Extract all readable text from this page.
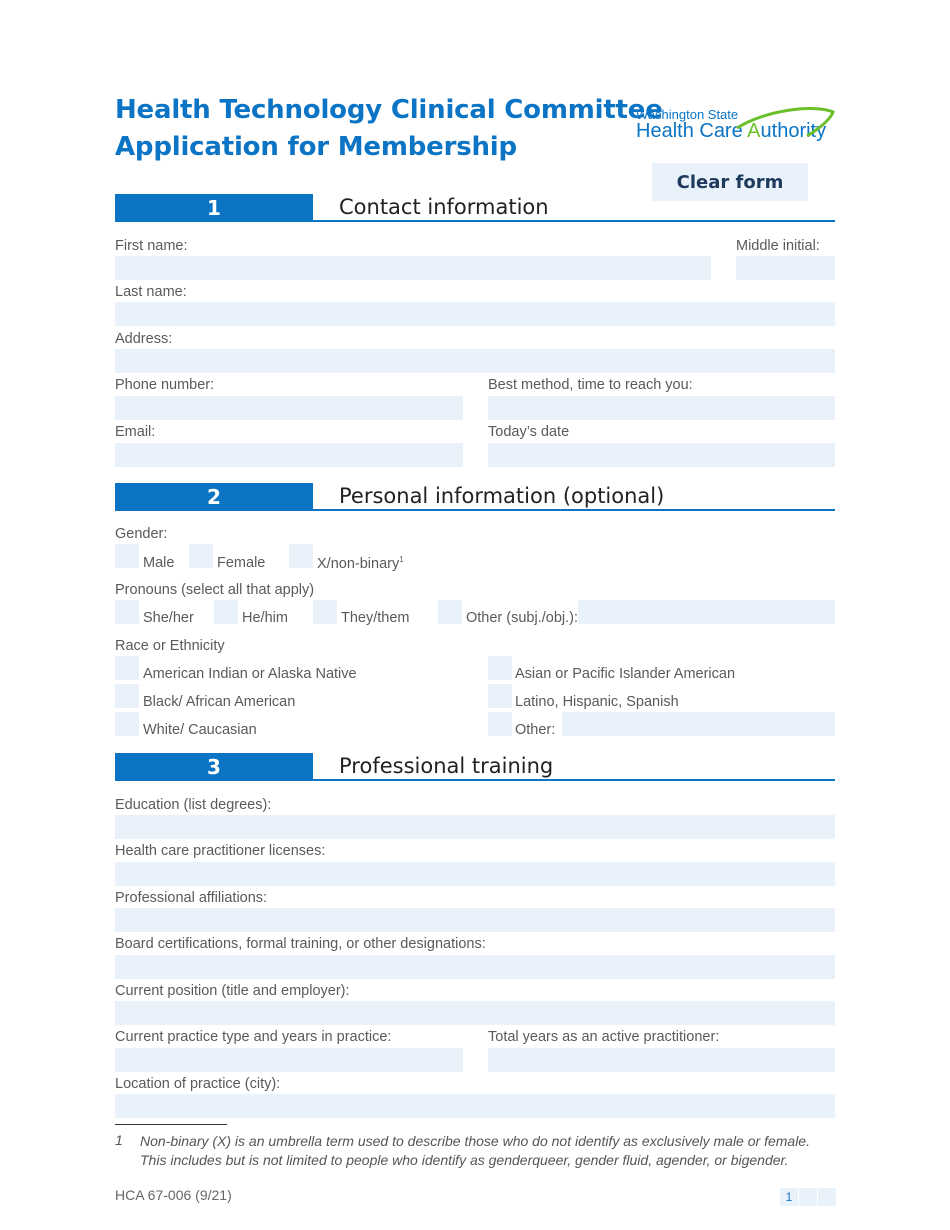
Health Technology Clinical Committee
Application for Membership
Washington State
Health Care Authority
Clear form
1	Contact information
First name:	Middle initial:
Last name:
Address:
Phone number:	Best method, time to reach you:
Email:	Today’s date
2	Personal information (optional)
Gender:
Male	Female	X/non-binary$^1$
Pronouns (select all that apply)
She/her	He/him	They/them	Other (subj./obj.):
Race or Ethnicity
American Indian or Alaska Native	Asian or Pacific Islander American
Black/ African American	Latino, Hispanic, Spanish
White/ Caucasian	Other:
3	Professional training
Education (list degrees):
Health care practitioner licenses:
Professional affiliations:
Board certifications, formal training, or other designations:
Current position (title and employer):
Current practice type and years in practice:	Total years as an active practitioner:
Location of practice (city):
1 Non-binary (X) is an umbrella term used to describe those who do not identify as exclusively male or female. This includes but is not limited to people who identify as genderqueer, gender fluid, agender, or bigender.
HCA 67-006 (9/21)	1
